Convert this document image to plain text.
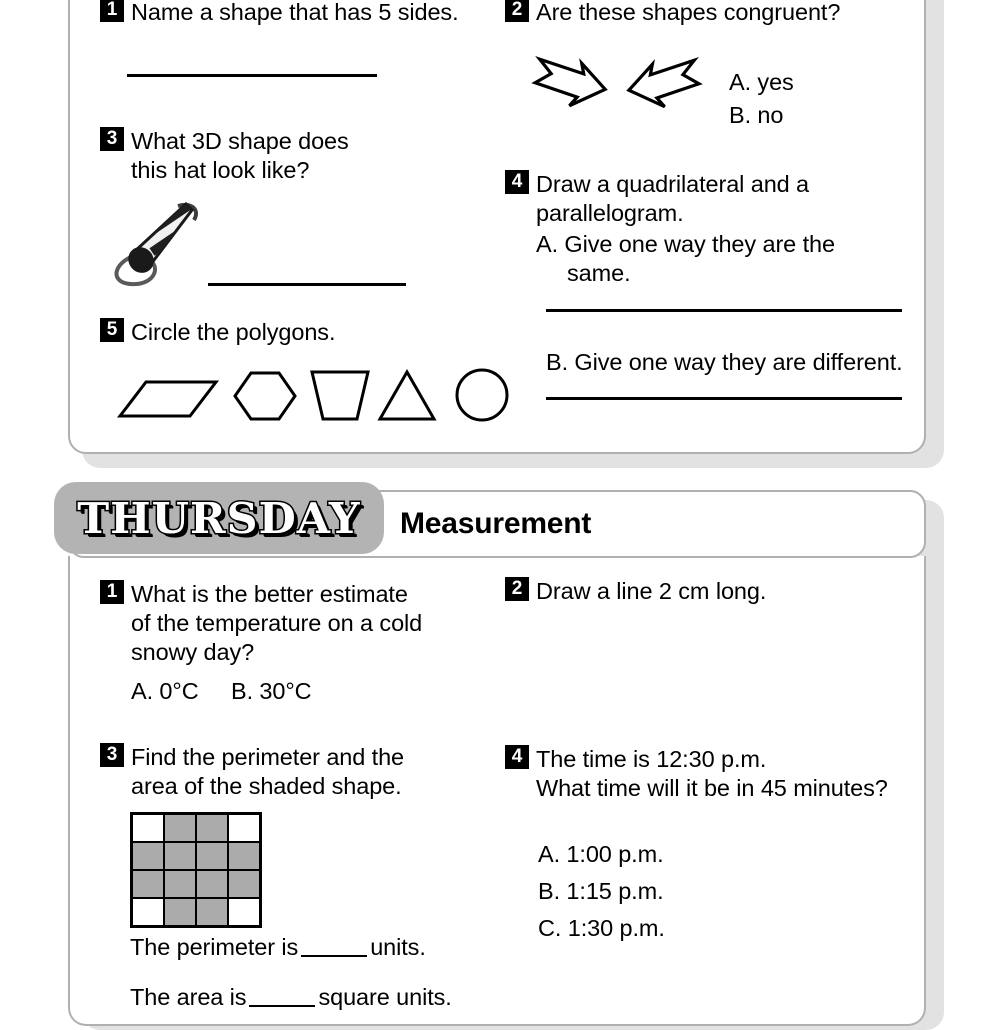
1 Name a shape that has 5 sides.	2 Are these shapes congruent?
A. yes
B. no
3 What 3D shape does
this hat look like?	4 Draw a quadrilateral and a
parallelogram.
A. Give one way they are the
same.
B. Give one way they are different.
5 Circle the polygons.
THURSDAY Measurement
1 What is the better estimate
of the temperature on a cold
snowy day?
A. 0°C B. 30°C
2 Draw a line 2 cm long.
3 Find the perimeter and the
area of the shaded shape.
The perimeter is	units.
The area is	square units.
4 The time is 12:30 p.m.
What time will it be in 45 minutes?
A. 1:00 p.m.
B. 1:15 p.m.
C. 1:30 p.m.
